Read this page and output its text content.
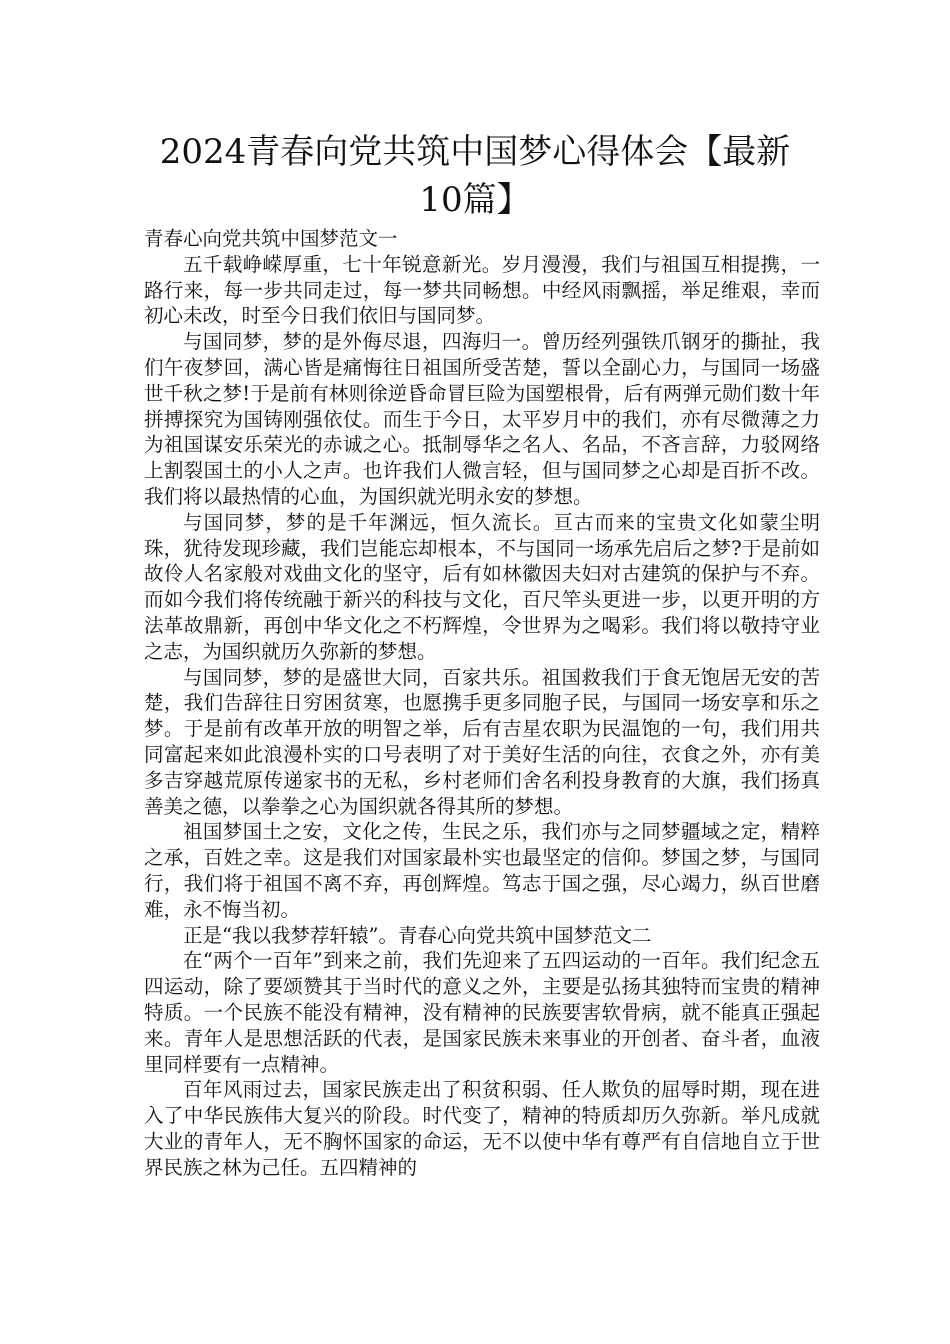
2024青春向党共筑中国梦心得体会【最新10篇】

青春心向党共筑中国梦范文一

五千载峥嵘厚重，七十年锐意新光。岁月漫漫，我们与祖国互相提携，一路行来，每一步共同走过，每一梦共同畅想。中经风雨飘摇，举足维艰，幸而初心未改，时至今日我们依旧与国同梦。

与国同梦，梦的是外侮尽退，四海归一。曾历经列强铁爪钢牙的撕扯，我们午夜梦回，满心皆是痛悔往日祖国所受苦楚，誓以全副心力，与国同一场盛世千秋之梦!于是前有林则徐逆昏命冒巨险为国塑根骨，后有两弹元勋们数十年拼搏探究为国铸刚强依仗。而生于今日，太平岁月中的我们，亦有尽微薄之力为祖国谋安乐荣光的赤诚之心。抵制辱华之名人、名品，不吝言辞，力驳网络上割裂国土的小人之声。也许我们人微言轻，但与国同梦之心却是百折不改。我们将以最热情的心血，为国织就光明永安的梦想。

与国同梦，梦的是千年渊远，恒久流长。亘古而来的宝贵文化如蒙尘明珠，犹待发现珍藏，我们岂能忘却根本，不与国同一场承先启后之梦?于是前如故伶人名家般对戏曲文化的坚守，后有如林徽因夫妇对古建筑的保护与不弃。而如今我们将传统融于新兴的科技与文化，百尺竿头更进一步，以更开明的方法革故鼎新，再创中华文化之不朽辉煌，令世界为之喝彩。我们将以敬持守业之志，为国织就历久弥新的梦想。

与国同梦，梦的是盛世大同，百家共乐。祖国救我们于食无饱居无安的苦楚，我们告辞往日穷困贫寒，也愿携手更多同胞子民，与国同一场安享和乐之梦。于是前有改革开放的明智之举，后有吉星农职为民温饱的一句，我们用共同富起来如此浪漫朴实的口号表明了对于美好生活的向往，衣食之外，亦有美多吉穿越荒原传递家书的无私，乡村老师们舍名利投身教育的大旗，我们扬真善美之德，以拳拳之心为国织就各得其所的梦想。

祖国梦国土之安，文化之传，生民之乐，我们亦与之同梦疆域之定，精粹之承，百姓之幸。这是我们对国家最朴实也最坚定的信仰。梦国之梦，与国同行，我们将于祖国不离不弃，再创辉煌。笃志于国之强，尽心竭力，纵百世磨难，永不悔当初。

正是“我以我梦荐轩辕”。青春心向党共筑中国梦范文二

在“两个一百年”到来之前，我们先迎来了五四运动的一百年。我们纪念五四运动，除了要颂赞其于当时代的意义之外，主要是弘扬其独特而宝贵的精神特质。一个民族不能没有精神，没有精神的民族要害软骨病，就不能真正强起来。青年人是思想活跃的代表，是国家民族未来事业的开创者、奋斗者，血液里同样要有一点精神。

百年风雨过去，国家民族走出了积贫积弱、任人欺负的屈辱时期，现在进入了中华民族伟大复兴的阶段。时代变了，精神的特质却历久弥新。举凡成就大业的青年人，无不胸怀国家的命运，无不以使中华有尊严有自信地自立于世界民族之林为己任。五四精神的
